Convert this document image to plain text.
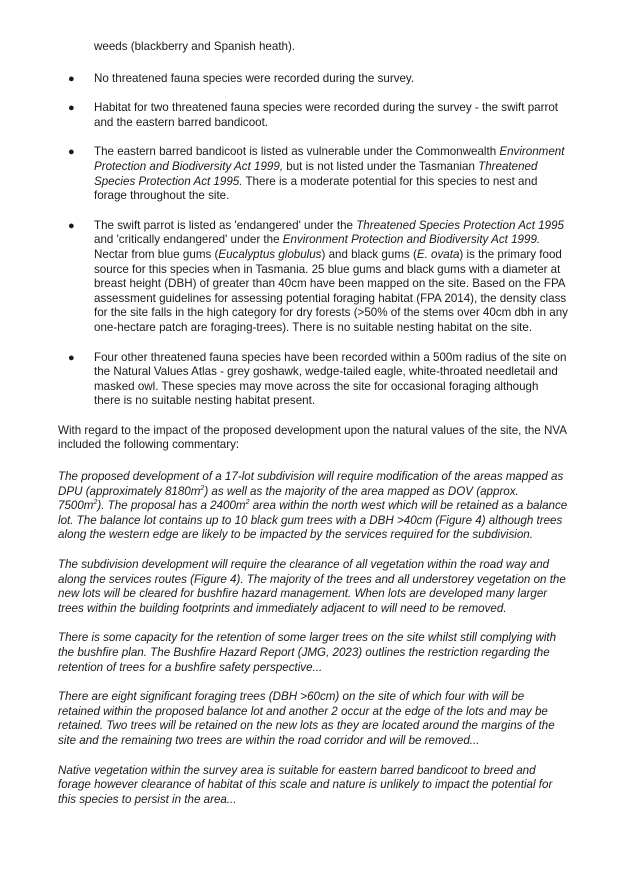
weeds (blackberry and Spanish heath).

● No threatened fauna species were recorded during the survey.
● Habitat for two threatened fauna species were recorded during the survey - the swift parrot and the eastern barred bandicoot.
● The eastern barred bandicoot is listed as vulnerable under the Commonwealth Environment Protection and Biodiversity Act 1999, but is not listed under the Tasmanian Threatened Species Protection Act 1995. There is a moderate potential for this species to nest and forage throughout the site.
● The swift parrot is listed as 'endangered' under the Threatened Species Protection Act 1995 and 'critically endangered' under the Environment Protection and Biodiversity Act 1999. Nectar from blue gums (Eucalyptus globulus) and black gums (E. ovata) is the primary food source for this species when in Tasmania. 25 blue gums and black gums with a diameter at breast height (DBH) of greater than 40cm have been mapped on the site. Based on the FPA assessment guidelines for assessing potential foraging habitat (FPA 2014), the density class for the site falls in the high category for dry forests (>50% of the stems over 40cm dbh in any one-hectare patch are foraging-trees). There is no suitable nesting habitat on the site.
● Four other threatened fauna species have been recorded within a 500m radius of the site on the Natural Values Atlas - grey goshawk, wedge-tailed eagle, white-throated needletail and masked owl. These species may move across the site for occasional foraging although there is no suitable nesting habitat present.

With regard to the impact of the proposed development upon the natural values of the site, the NVA included the following commentary:

The proposed development of a 17-lot subdivision will require modification of the areas mapped as DPU (approximately $8180m^2$) as well as the majority of the area mapped as DOV (approx. $7500m^2$). The proposal has a $2400m^2$ area within the north west which will be retained as a balance lot. The balance lot contains up to 10 black gum trees with a DBH >40cm (Figure 4) although trees along the western edge are likely to be impacted by the services required for the subdivision.

The subdivision development will require the clearance of all vegetation within the road way and along the services routes (Figure 4). The majority of the trees and all understorey vegetation on the new lots will be cleared for bushfire hazard management. When lots are developed many larger trees within the building footprints and immediately adjacent to will need to be removed.

There is some capacity for the retention of some larger trees on the site whilst still complying with the bushfire plan. The Bushfire Hazard Report (JMG, 2023) outlines the restriction regarding the retention of trees for a bushfire safety perspective...

There are eight significant foraging trees (DBH >60cm) on the site of which four with will be retained within the proposed balance lot and another 2 occur at the edge of the lots and may be retained. Two trees will be retained on the new lots as they are located around the margins of the site and the remaining two trees are within the road corridor and will be removed...

Native vegetation within the survey area is suitable for eastern barred bandicoot to breed and forage however clearance of habitat of this scale and nature is unlikely to impact the potential for this species to persist in the area...
